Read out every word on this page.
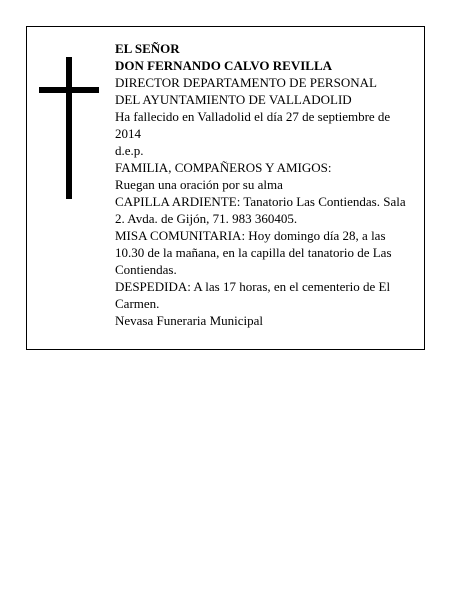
EL SEÑOR

DON FERNANDO CALVO REVILLA

DIRECTOR DEPARTAMENTO DE PERSONAL

DEL AYUNTAMIENTO DE VALLADOLID

Ha fallecido en Valladolid el día 27 de septiembre de 2014

d.e.p.

FAMILIA, COMPAÑEROS Y AMIGOS:

Ruegan una oración por su alma

CAPILLA ARDIENTE: Tanatorio Las Contiendas. Sala 2. Avda. de Gijón, 71. 983 360405.

MISA COMUNITARIA: Hoy domingo día 28, a las 10.30 de la mañana, en la capilla del tanatorio de Las Contiendas.

DESPEDIDA: A las 17 horas, en el cementerio de El Carmen.

Nevasa Funeraria Municipal
